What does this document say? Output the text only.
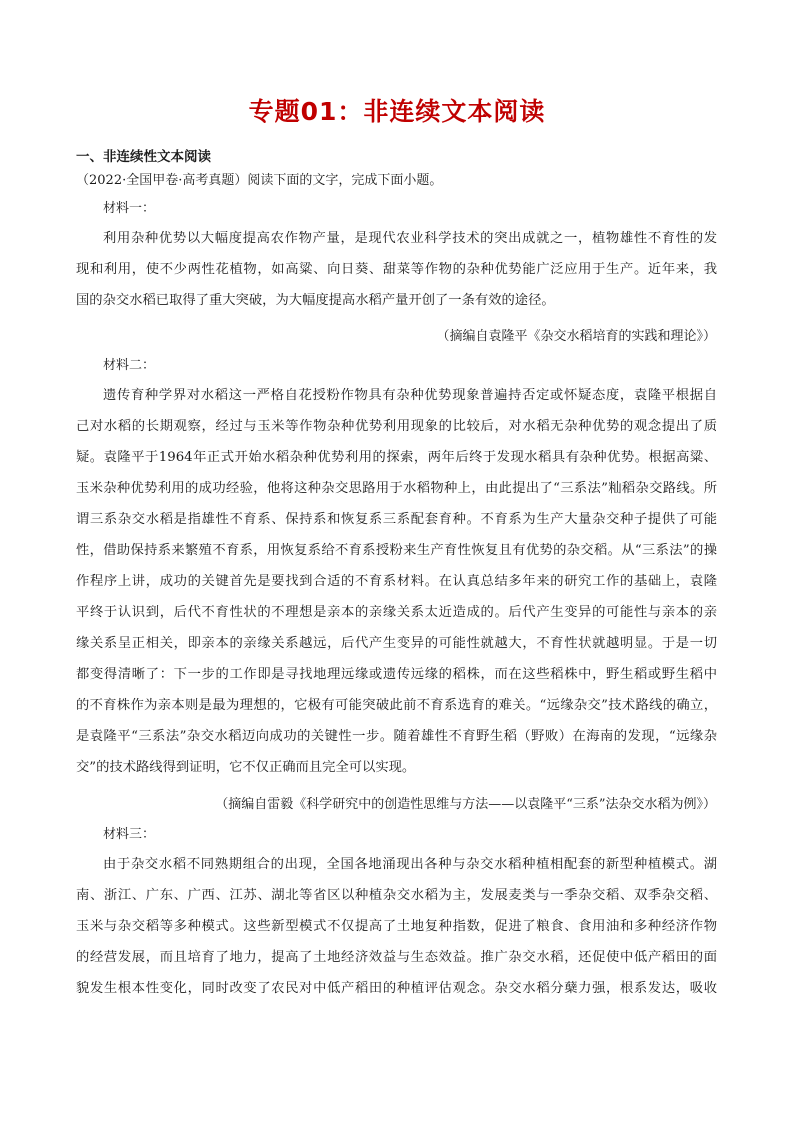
专题01：非连续文本阅读
一、非连续性文本阅读
（2022·全国甲卷·高考真题）阅读下面的文字，完成下面小题。
材料一：
利用杂种优势以大幅度提高农作物产量，是现代农业科学技术的突出成就之一，植物雄性不育性的发
现和利用，使不少两性花植物，如高粱、向日葵、甜菜等作物的杂种优势能广泛应用于生产。近年来，我
国的杂交水稻已取得了重大突破，为大幅度提高水稻产量开创了一条有效的途径。
（摘编自袁隆平《杂交水稻培育的实践和理论》）
材料二：
遗传育种学界对水稻这一严格自花授粉作物具有杂种优势现象普遍持否定或怀疑态度，袁隆平根据自
己对水稻的长期观察，经过与玉米等作物杂种优势利用现象的比较后，对水稻无杂种优势的观念提出了质
疑。袁隆平于1964年正式开始水稻杂种优势利用的探索，两年后终于发现水稻具有杂种优势。根据高粱、
玉米杂种优势利用的成功经验，他将这种杂交思路用于水稻物种上，由此提出了“三系法”籼稻杂交路线。所
谓三系杂交水稻是指雄性不育系、保持系和恢复系三系配套育种。不育系为生产大量杂交种子提供了可能
性，借助保持系来繁殖不育系，用恢复系给不育系授粉来生产育性恢复且有优势的杂交稻。从“三系法”的操
作程序上讲，成功的关键首先是要找到合适的不育系材料。在认真总结多年来的研究工作的基础上，袁隆
平终于认识到，后代不育性状的不理想是亲本的亲缘关系太近造成的。后代产生变异的可能性与亲本的亲
缘关系呈正相关，即亲本的亲缘关系越远，后代产生变异的可能性就越大，不育性状就越明显。于是一切
都变得清晰了：下一步的工作即是寻找地理远缘或遗传远缘的稻株，而在这些稻株中，野生稻或野生稻中
的不育株作为亲本则是最为理想的，它极有可能突破此前不育系选育的难关。“远缘杂交”技术路线的确立，
是袁隆平“三系法”杂交水稻迈向成功的关键性一步。随着雄性不育野生稻（野败）在海南的发现，“远缘杂
交”的技术路线得到证明，它不仅正确而且完全可以实现。
（摘编自雷毅《科学研究中的创造性思维与方法——以袁隆平“三系”法杂交水稻为例》）
材料三：
由于杂交水稻不同熟期组合的出现，全国各地涌现出各种与杂交水稻种植相配套的新型种植模式。湖
南、浙江、广东、广西、江苏、湖北等省区以种植杂交水稻为主，发展麦类与一季杂交稻、双季杂交稻、
玉米与杂交稻等多种模式。这些新型模式不仅提高了土地复种指数，促进了粮食、食用油和多种经济作物
的经营发展，而且培育了地力，提高了土地经济效益与生态效益。推广杂交水稻，还促使中低产稻田的面
貌发生根本性变化，同时改变了农民对中低产稻田的种植评估观念。杂交水稻分蘖力强，根系发达，吸收
